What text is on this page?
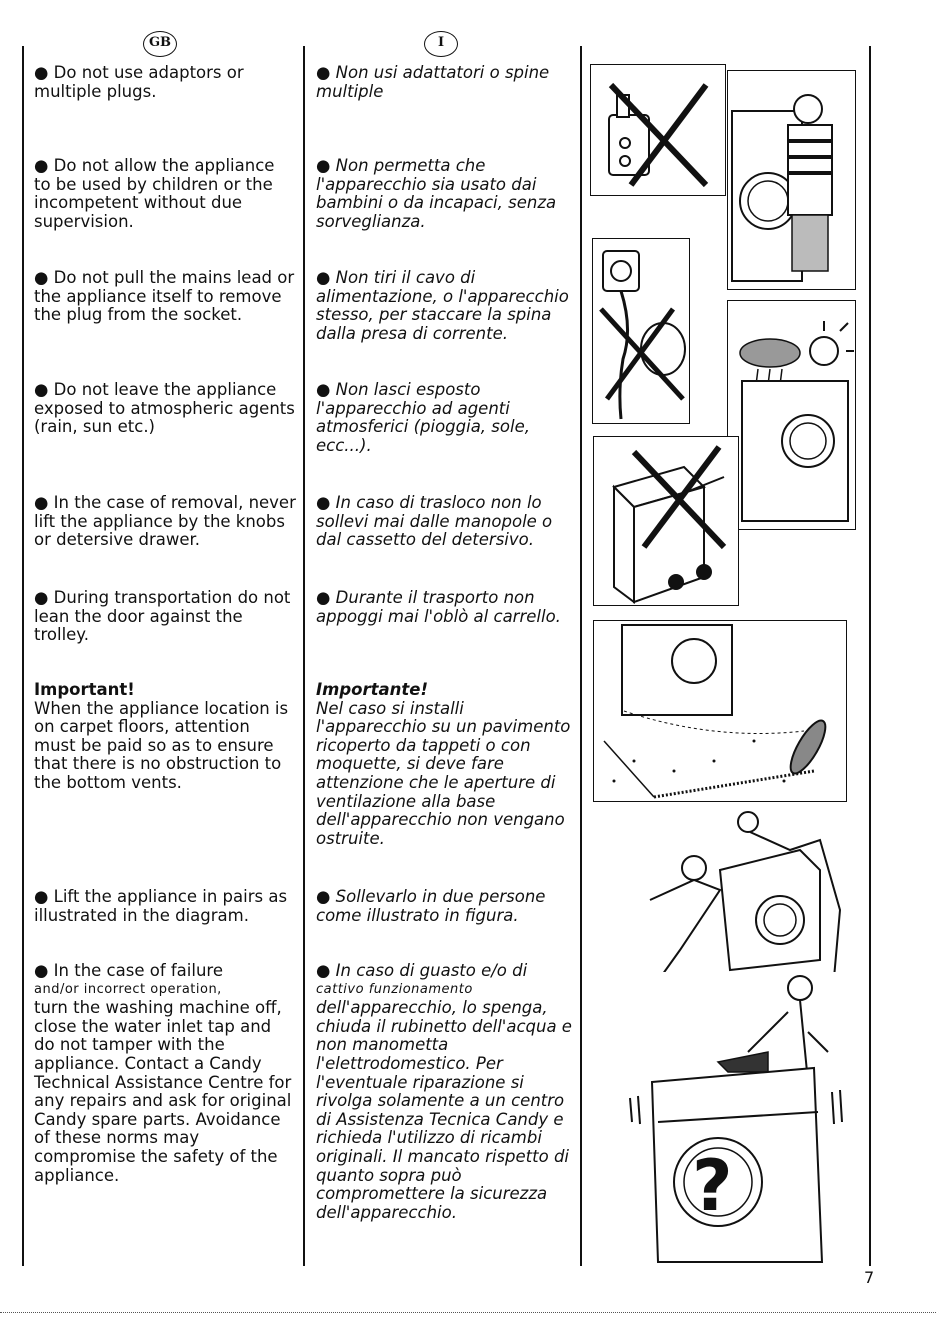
GB	I

● Do not use adaptors or multiple plugs.

● Do not allow the appliance to be used by children or the incompetent without due supervision.

● Do not pull the mains lead or the appliance itself to remove the plug from the socket.

● Do not leave the appliance exposed to atmospheric agents (rain, sun etc.)

● In the case of removal, never lift the appliance by the knobs or detersive drawer.

● During transportation do not lean the door against the trolley.

Important!
When the appliance location is on carpet floors, attention must be paid so as to ensure that there is no obstruction to the bottom vents.

● Lift the appliance in pairs as illustrated in the diagram.

● In the case of failure
and/or incorrect operation,
turn the washing machine off, close the water inlet tap and do not tamper with the appliance. Contact a Candy Technical Assistance Centre for any repairs and ask for original Candy spare parts. Avoidance of these norms may compromise the safety of the appliance.

● Non usi adattatori o spine multiple

● Non permetta che l'apparecchio sia usato dai bambini o da incapaci, senza sorveglianza.

● Non tiri il cavo di alimentazione, o l'apparecchio stesso, per staccare la spina dalla presa di corrente.

● Non lasci esposto l'apparecchio ad agenti atmosferici (pioggia, sole, ecc...).

● In caso di trasloco non lo sollevi mai dalle manopole o dal cassetto del detersivo.

● Durante il trasporto non appoggi mai l'oblò al carrello.

Importante!
Nel caso si installi l'apparecchio su un pavimento ricoperto da tappeti o con moquette, si deve fare attenzione che le aperture di ventilazione alla base dell'apparecchio non vengano ostruite.

● Sollevarlo in due persone come illustrato in figura.

● In caso di guasto e/o di
cattivo funzionamento
dell'apparecchio, lo spenga, chiuda il rubinetto dell'acqua e non manometta l'elettrodomestico. Per l'eventuale riparazione si rivolga solamente a un centro di Assistenza Tecnica Candy e richieda l'utilizzo di ricambi originali. Il mancato rispetto di quanto sopra può compromettere la sicurezza dell'apparecchio.	?
7
